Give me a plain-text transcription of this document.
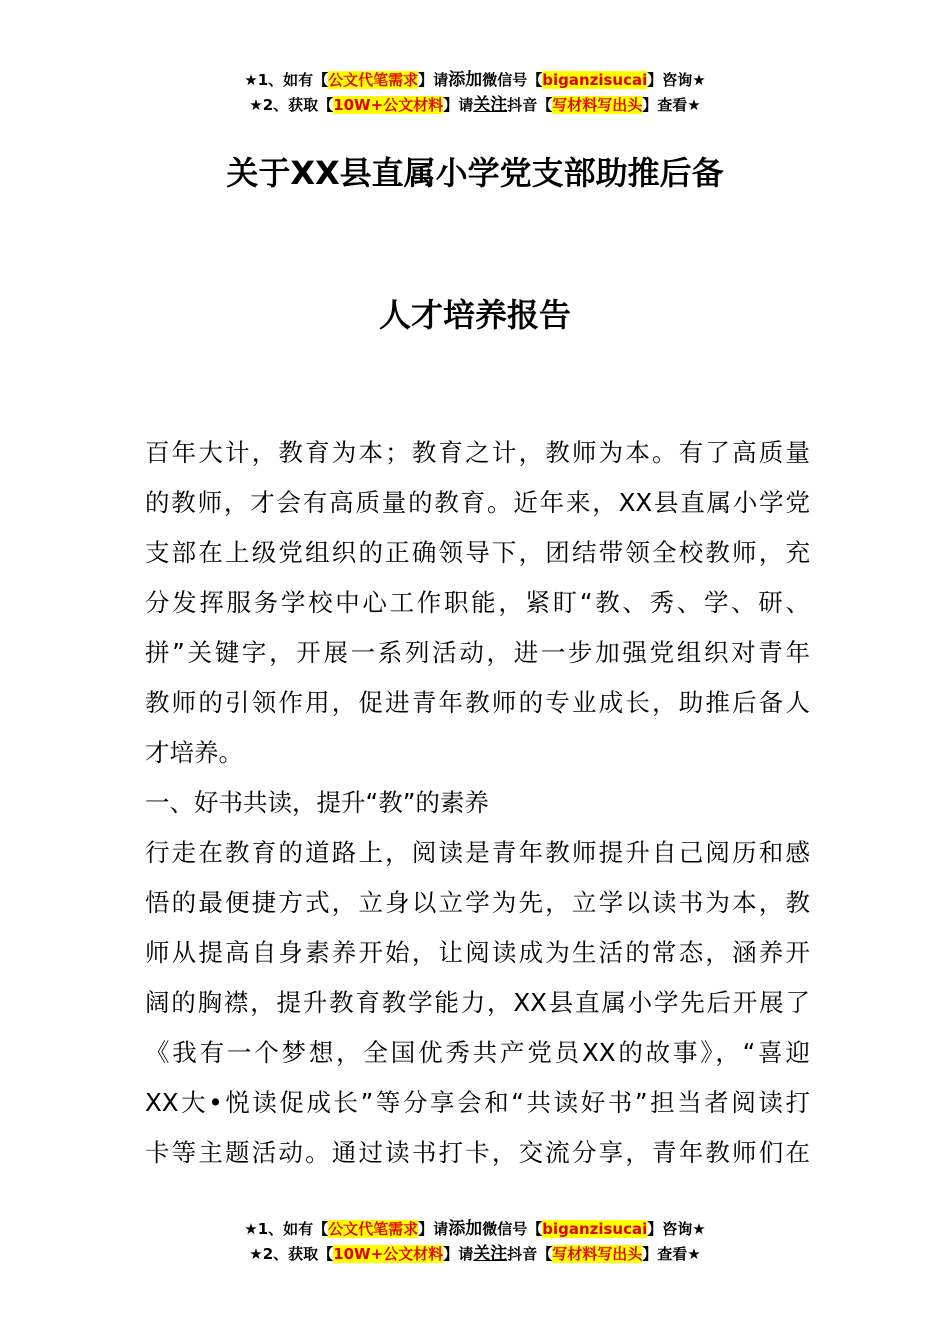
★1、如有【公文代笔需求】请添加微信号【biganzisucai】咨询★
★2、获取【10W+公文材料】请关注抖音【写材料写出头】查看★
关于XX县直属小学党支部助推后备
人才培养报告
百年大计，教育为本；教育之计，教师为本。有了高质量
的教师，才会有高质量的教育。近年来，XX县直属小学党
支部在上级党组织的正确领导下，团结带领全校教师，充
分发挥服务学校中心工作职能，紧盯“教、秀、学、研、
拼”关键字，开展一系列活动，进一步加强党组织对青年
教师的引领作用，促进青年教师的专业成长，助推后备人
才培养。
一、好书共读，提升“教”的素养
行走在教育的道路上，阅读是青年教师提升自己阅历和感
悟的最便捷方式，立身以立学为先，立学以读书为本，教
师从提高自身素养开始，让阅读成为生活的常态，涵养开
阔的胸襟，提升教育教学能力，XX县直属小学先后开展了
《我有一个梦想，全国优秀共产党员XX的故事》，“喜迎
XX大•悦读促成长”等分享会和“共读好书”担当者阅读打
卡等主题活动。通过读书打卡，交流分享，青年教师们在
★1、如有【公文代笔需求】请添加微信号【biganzisucai】咨询★
★2、获取【10W+公文材料】请关注抖音【写材料写出头】查看★
